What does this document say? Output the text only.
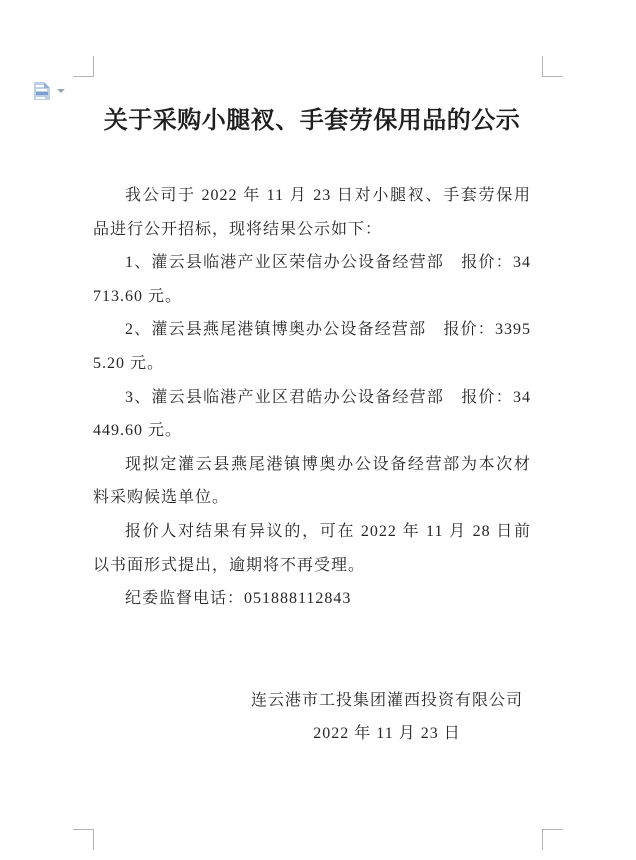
关于采购小腿衩、手套劳保用品的公示

我公司于 2022 年 11 月 23 日对小腿衩、手套劳保用品进行公开招标，现将结果公示如下：

1、灌云县临港产业区荣信办公设备经营部　报价：34713.60 元。

2、灌云县燕尾港镇博奥办公设备经营部　报价：33955.20 元。

3、灌云县临港产业区君皓办公设备经营部　报价：34449.60 元。

现拟定灌云县燕尾港镇博奥办公设备经营部为本次材料采购候选单位。

报价人对结果有异议的，可在 2022 年 11 月 28 日前以书面形式提出，逾期将不再受理。

纪委监督电话：051888112843

连云港市工投集团灌西投资有限公司
2022 年 11 月 23 日
